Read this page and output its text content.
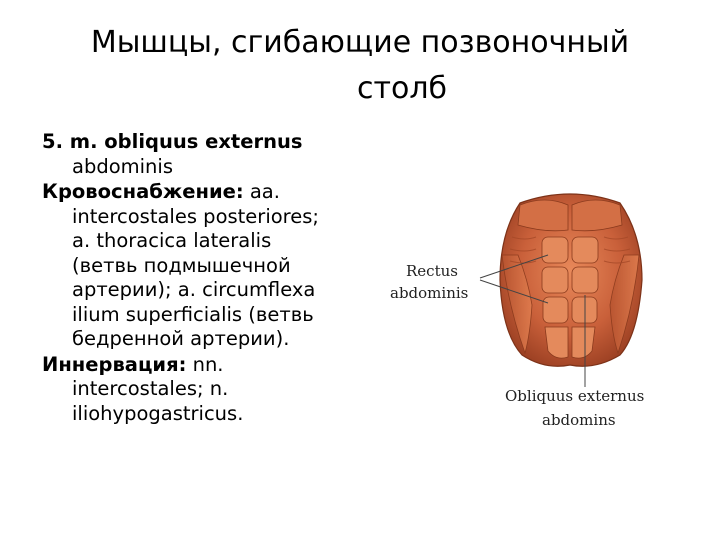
Мышцы, сгибающие позвоночный
столб
5. m. obliquus externus
abdominis
Кровоснабжение: aa.
intercostales posteriores;
a. thoracica lateralis
(ветвь подмышечной
артерии); a. circumflexa
ilium superficialis (ветвь
бедренной артерии).
Иннервация: nn.
intercostales; n.
iliohypogastricus.
Rectus
abdominis
Obliquus externus
abdomins
